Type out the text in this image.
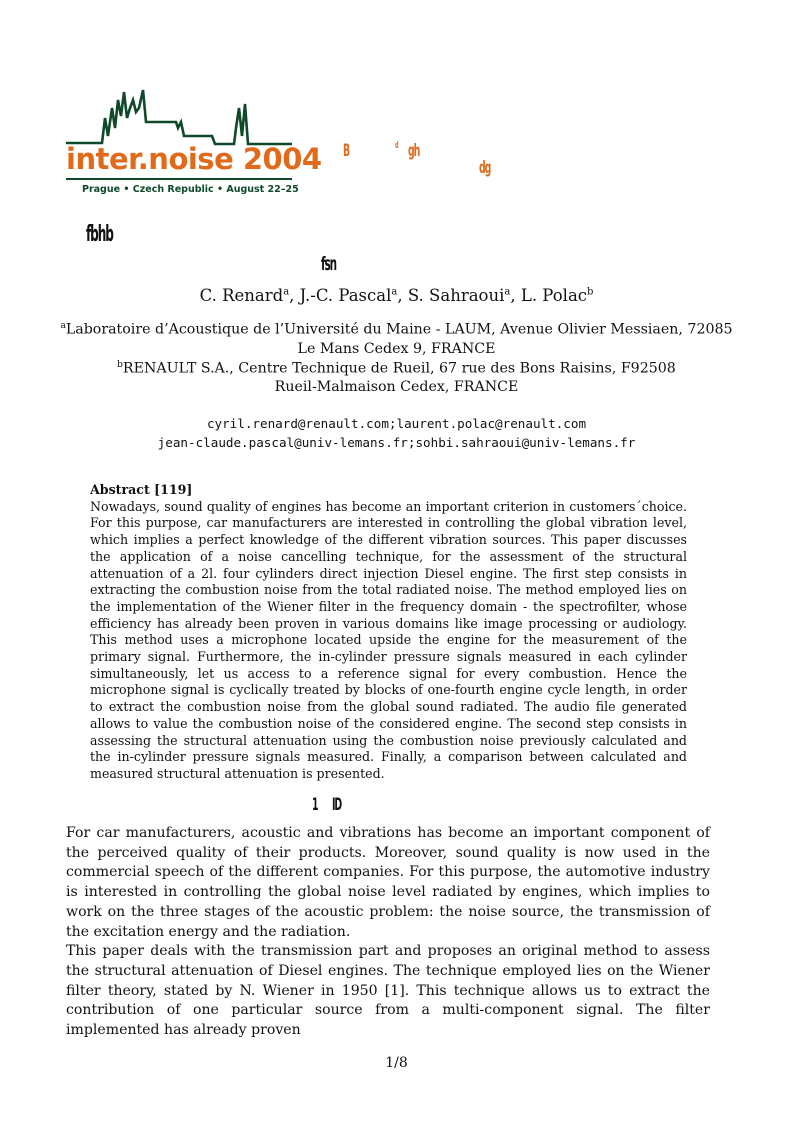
inter.noise 2004
Prague • Czech Republic • August 22–25
B	d gh
dg
fbhb
fsn
C. Renard$^a$, J.-C. Pascal$^a$, S. Sahraoui$^a$, L. Polac$^b$
$^a$Laboratoire d’Acoustique de l’Université du Maine - LAUM, Avenue Olivier Messiaen, 72085
Le Mans Cedex 9, FRANCE
$^b$RENAULT S.A., Centre Technique de Rueil, 67 rue des Bons Raisins, F92508
Rueil-Malmaison Cedex, FRANCE
cyril.renard@renault.com;laurent.polac@renault.com
jean-claude.pascal@univ-lemans.fr;sohbi.sahraoui@univ-lemans.fr
Abstract [119]
Nowadays, sound quality of engines has become an important criterion in customers´choice. For this purpose, car manufacturers are interested in controlling the global vibration level, which implies a perfect knowledge of the different vibration sources. This paper discusses the application of a noise cancelling technique, for the assessment of the structural attenuation of a 2l. four cylinders direct injection Diesel engine. The first step consists in extracting the combustion noise from the total radiated noise. The method employed lies on the implementation of the Wiener filter in the frequency domain - the spectrofilter, whose efficiency has already been proven in various domains like image processing or audiology. This method uses a microphone located upside the engine for the measurement of the primary signal. Furthermore, the in-cylinder pressure signals measured in each cylinder simultaneously, let us access to a reference signal for every combustion. Hence the microphone signal is cyclically treated by blocks of one-fourth engine cycle length, in order to extract the combustion noise from the global sound radiated. The audio file generated allows to value the combustion noise of the considered engine. The second step consists in assessing the structural attenuation using the combustion noise previously calculated and the in-cylinder pressure signals measured. Finally, a comparison between calculated and measured structural attenuation is presented.
1 ID

For car manufacturers, acoustic and vibrations has become an important component of the perceived quality of their products. Moreover, sound quality is now used in the commercial speech of the different companies. For this purpose, the automotive industry is interested in controlling the global noise level radiated by engines, which implies to work on the three stages of the acoustic problem: the noise source, the transmission of the excitation energy and the radiation.

This paper deals with the transmission part and proposes an original method to assess the structural attenuation of Diesel engines. The technique employed lies on the Wiener filter theory, stated by N. Wiener in 1950 [1]. This technique allows us to extract the contribution of one particular source from a multi-component signal. The filter implemented has already proven

1/8
